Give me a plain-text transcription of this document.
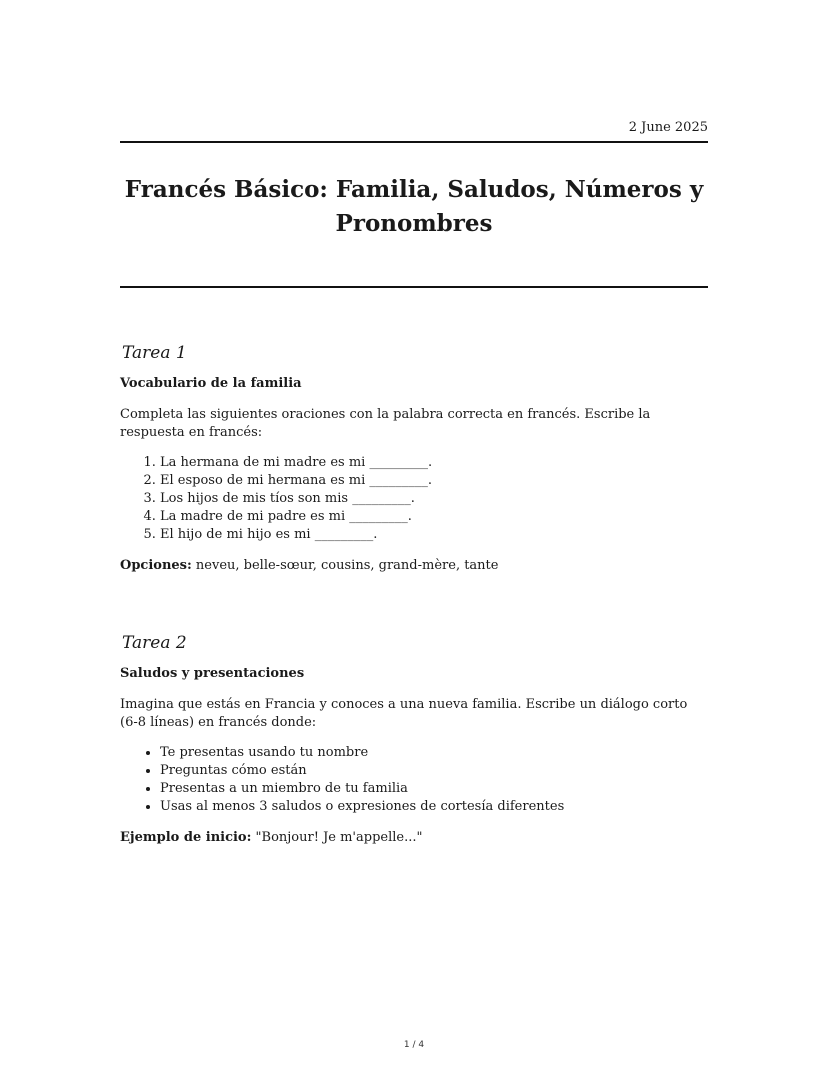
2 June 2025
Francés Básico: Familia, Saludos, Números y Pronombres
Tarea 1
Vocabulario de la familia

Completa las siguientes oraciones con la palabra correcta en francés. Escribe la respuesta en francés:

1. La hermana de mi madre es mi _________.
2. El esposo de mi hermana es mi _________.
3. Los hijos de mis tíos son mis _________.
4. La madre de mi padre es mi _________.
5. El hijo de mi hijo es mi _________.
Opciones: neveu, belle-sœur, cousins, grand-mère, tante
Tarea 2
Saludos y presentaciones

Imagina que estás en Francia y conoces a una nueva familia. Escribe un diálogo corto (6-8 líneas) en francés donde:

• Te presentas usando tu nombre
• Preguntas cómo están
• Presentas a un miembro de tu familia
• Usas al menos 3 saludos o expresiones de cortesía diferentes
Ejemplo de inicio: "Bonjour! Je m'appelle..."
1 / 4
